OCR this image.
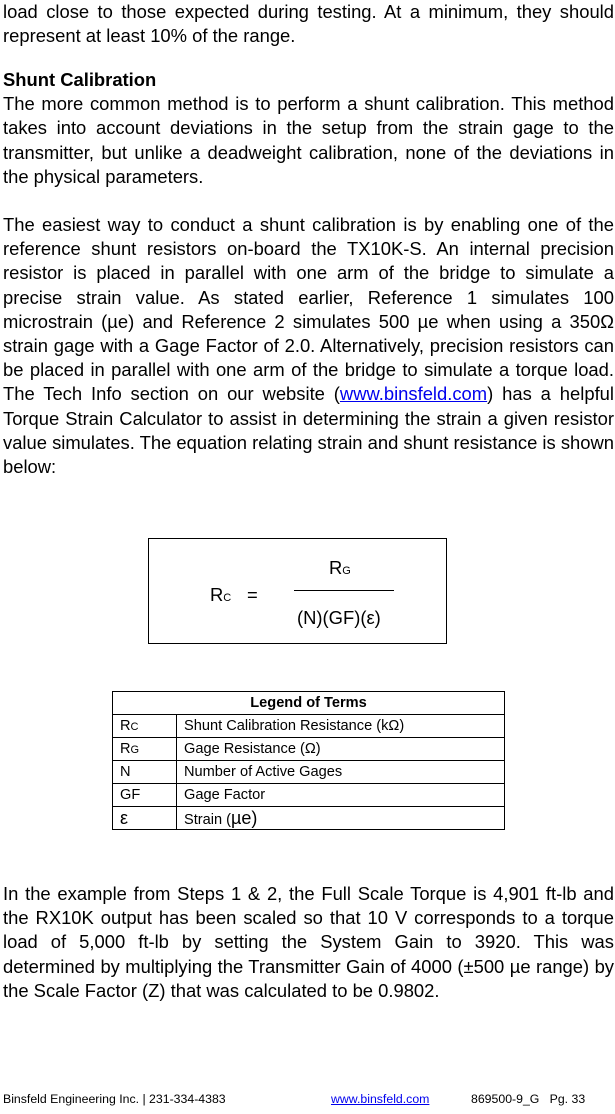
load close to those expected during testing. At a minimum, they should represent at least 10% of the range.

Shunt Calibration
The more common method is to perform a shunt calibration. This method takes into account deviations in the setup from the strain gage to the transmitter, but unlike a deadweight calibration, none of the deviations in the physical parameters.

The easiest way to conduct a shunt calibration is by enabling one of the reference shunt resistors on-board the TX10K-S. An internal precision resistor is placed in parallel with one arm of the bridge to simulate a precise strain value. As stated earlier, Reference 1 simulates 100 microstrain (µe) and Reference 2 simulates 500 µe when using a 350Ω strain gage with a Gage Factor of 2.0. Alternatively, precision resistors can be placed in parallel with one arm of the bridge to simulate a torque load. The Tech Info section on our website (www.binsfeld.com) has a helpful Torque Strain Calculator to assist in determining the strain a given resistor value simulates. The equation relating strain and shunt resistance is shown below:

RC =
RG
(N)(GF)(ε)
Legend of Terms	
RC	Shunt Calibration Resistance (kΩ)
RG	Gage Resistance (Ω)
N	Number of Active Gages
GF	Gage Factor
ε	Strain (µe)

In the example from Steps 1 & 2, the Full Scale Torque is 4,901 ft-lb and the RX10K output has been scaled so that 10 V corresponds to a torque load of 5,000 ft-lb by setting the System Gain to 3920. This was determined by multiplying the Transmitter Gain of 4000 (±500 µe range) by the Scale Factor (Z) that was calculated to be 0.9802.

Binsfeld Engineering Inc. | 231-334-4383	www.binsfeld.com	869500-9_G   Pg. 33
